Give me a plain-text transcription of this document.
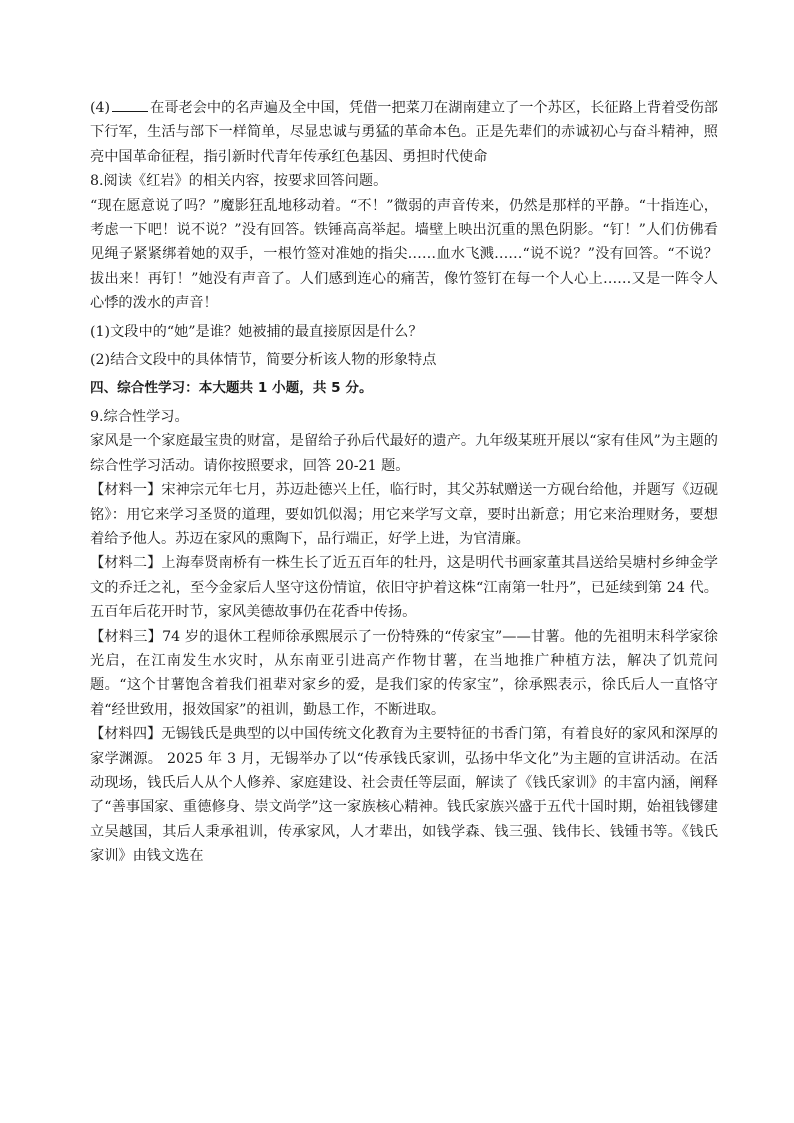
(4)	在哥老会中的名声遍及全中国，凭借一把菜刀在湖南建立了一个苏区，长征路上背着受伤部下行军，生活与部下一样简单，尽显忠诚与勇猛的革命本色。正是先辈们的赤诚初心与奋斗精神，照亮中国革命征程，指引新时代青年传承红色基因、勇担时代使命

8.阅读《红岩》的相关内容，按要求回答问题。

“现在愿意说了吗？”魔影狂乱地移动着。“不！”微弱的声音传来，仍然是那样的平静。“十指连心，考虑一下吧！说不说？”没有回答。铁锤高高举起。墙壁上映出沉重的黑色阴影。“钉！”人们仿佛看见绳子紧紧绑着她的双手，一根竹签对准她的指尖……血水飞溅……“说不说？”没有回答。“不说？拔出来！再钉！”她没有声音了。人们感到连心的痛苦，像竹签钉在每一个人心上……又是一阵令人心悸的泼水的声音！

(1)文段中的“她”是谁？她被捕的最直接原因是什么？

(2)结合文段中的具体情节，简要分析该人物的形象特点

四、综合性学习：本大题共 1 小题，共 5 分。

9.综合性学习。

家风是一个家庭最宝贵的财富，是留给子孙后代最好的遗产。九年级某班开展以“家有佳风”为主题的综合性学习活动。请你按照要求，回答 20-21 题。

【材料一】宋神宗元年七月，苏迈赴德兴上任，临行时，其父苏轼赠送一方砚台给他，并题写《迈砚铭》：用它来学习圣贤的道理，要如饥似渴；用它来学写文章，要时出新意；用它来治理财务，要想着给予他人。苏迈在家风的熏陶下，品行端正，好学上进，为官清廉。

【材料二】上海奉贤南桥有一株生长了近五百年的牡丹，这是明代书画家董其昌送给吴塘村乡绅金学文的乔迁之礼，至今金家后人坚守这份情谊，依旧守护着这株“江南第一牡丹”，已延续到第 24 代。五百年后花开时节，家风美德故事仍在花香中传扬。

【材料三】74 岁的退休工程师徐承熙展示了一份特殊的“传家宝”——甘薯。他的先祖明末科学家徐光启，在江南发生水灾时，从东南亚引进高产作物甘薯，在当地推广种植方法，解决了饥荒问题。“这个甘薯饱含着我们祖辈对家乡的爱，是我们家的传家宝”，徐承熙表示，徐氏后人一直恪守着“经世致用，报效国家”的祖训，勤恳工作，不断进取。

【材料四】无锡钱氏是典型的以中国传统文化教育为主要特征的书香门第，有着良好的家风和深厚的家学渊源。 2025 年 3 月，无锡举办了以“传承钱氏家训，弘扬中华文化”为主题的宣讲活动。在活动现场，钱氏后人从个人修养、家庭建设、社会责任等层面，解读了《钱氏家训》的丰富内涵，阐释了“善事国家、重德修身、崇文尚学”这一家族核心精神。钱氏家族兴盛于五代十国时期，始祖钱镠建立吴越国，其后人秉承祖训，传承家风，人才辈出，如钱学森、钱三强、钱伟长、钱锺书等。《钱氏家训》由钱文选在
